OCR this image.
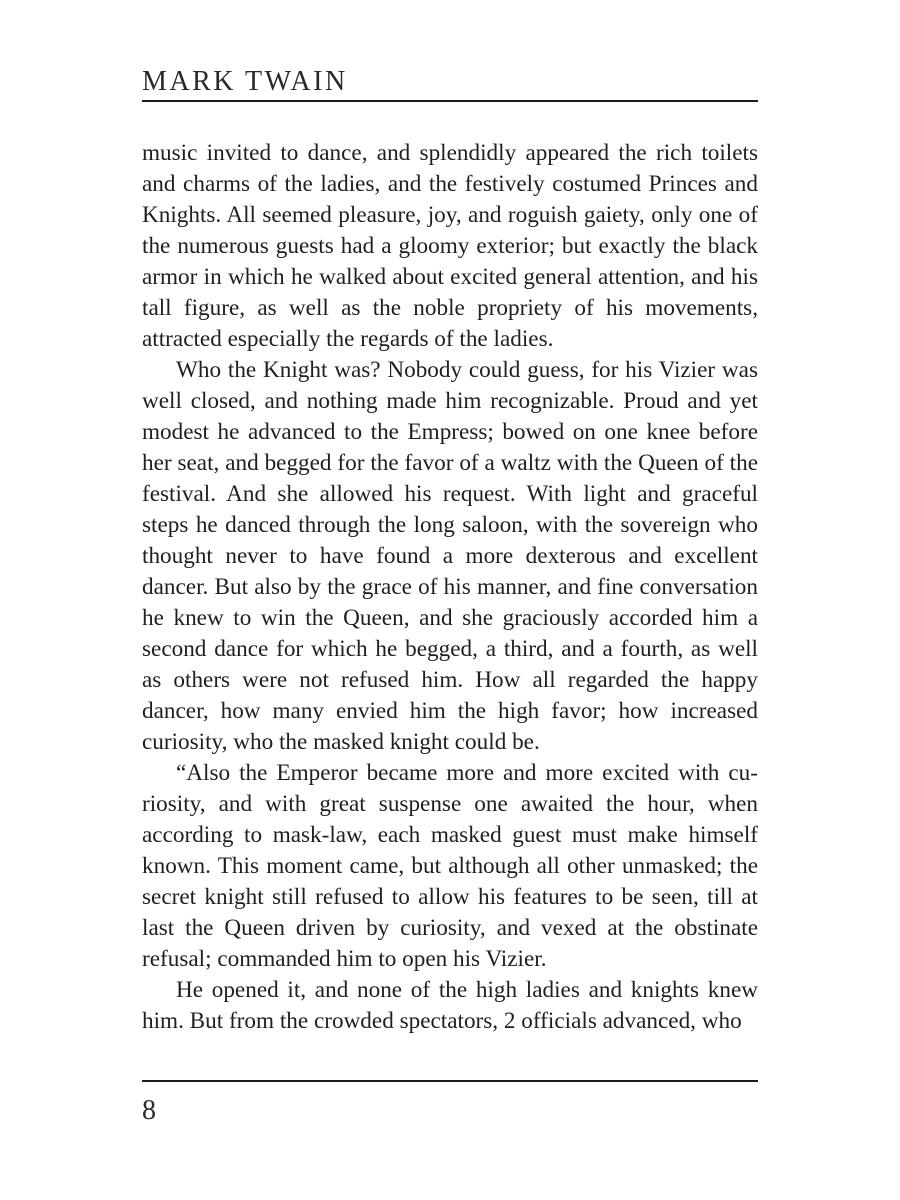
MARK TWAIN

music invited to dance, and splendidly appeared the rich toilets and charms of the ladies, and the festively costumed Princes and Knights. All seemed pleasure, joy, and roguish gaiety, only one of the numerous guests had a gloomy exterior; but exactly the black armor in which he walked about excited general attention, and his tall figure, as well as the noble propriety of his movements, attracted especially the regards of the ladies.

Who the Knight was? Nobody could guess, for his Vizier was well closed, and nothing made him recognizable. Proud and yet modest he advanced to the Empress; bowed on one knee before her seat, and begged for the favor of a waltz with the Queen of the festival. And she allowed his request. With light and graceful steps he danced through the long saloon, with the sovereign who thought never to have found a more dexterous and excellent dancer. But also by the grace of his manner, and fine conversation he knew to win the Queen, and she graciously accorded him a second dance for which he begged, a third, and a fourth, as well as others were not refused him. How all regarded the happy dancer, how many envied him the high favor; how increased curiosity, who the masked knight could be.

“Also the Emperor became more and more excited with curiosity, and with great suspense one awaited the hour, when according to mask-law, each masked guest must make himself known. This moment came, but although all other unmasked; the secret knight still refused to allow his features to be seen, till at last the Queen driven by curiosity, and vexed at the obstinate refusal; commanded him to open his Vizier.

He opened it, and none of the high ladies and knights knew him. But from the crowded spectators, 2 officials advanced, who

8
